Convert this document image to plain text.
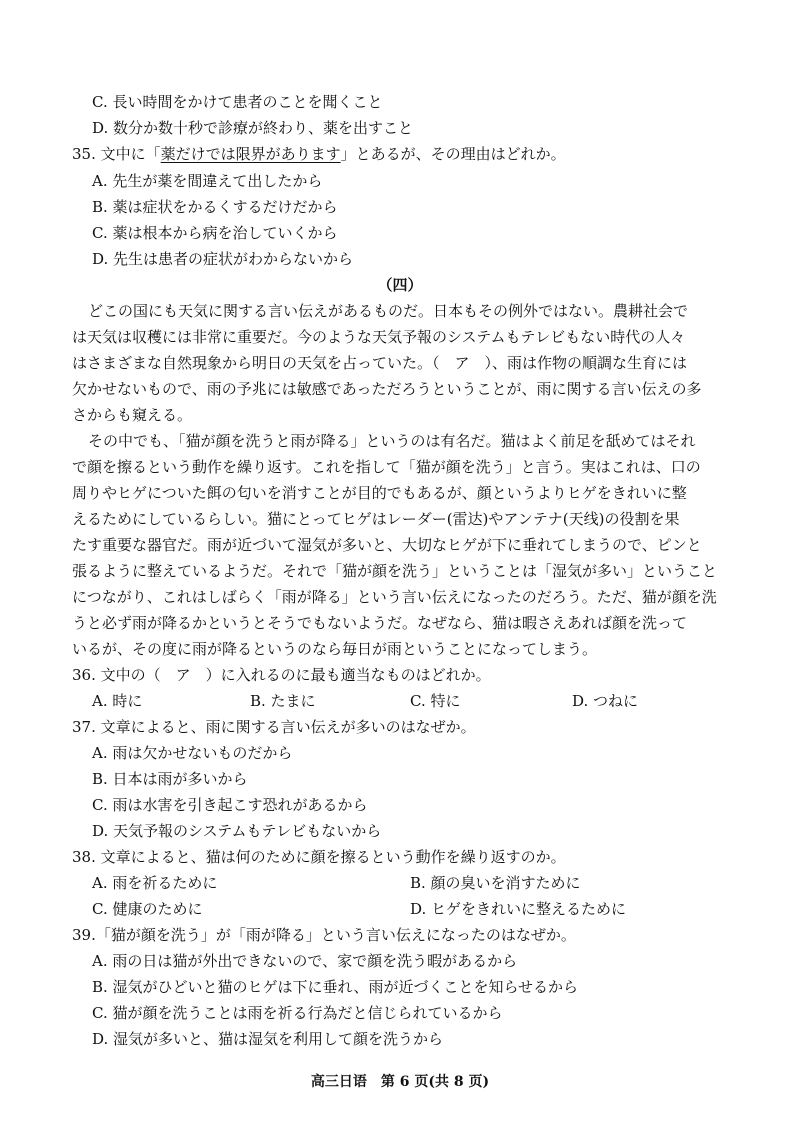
C. 長い時間をかけて患者のことを聞くこと
D. 数分か数十秒で診療が終わり、薬を出すこと
35. 文中に「薬だけでは限界があります」とあるが、その理由はどれか。
A. 先生が薬を間違えて出したから
B. 薬は症状をかるくするだけだから
C. 薬は根本から病を治していくから
D. 先生は患者の症状がわからないから
（四）
どこの国にも天気に関する言い伝えがあるものだ。日本もその例外ではない。農耕社会で
は天気は収穫には非常に重要だ。今のような天気予報のシステムもテレビもない時代の人々
はさまざまな自然現象から明日の天気を占っていた。（　ア　）、雨は作物の順調な生育には
欠かせないもので、雨の予兆には敏感であっただろうということが、雨に関する言い伝えの多
さからも窺える。
その中でも、「猫が顔を洗うと雨が降る」というのは有名だ。猫はよく前足を舐めてはそれ
で顔を擦るという動作を繰り返す。これを指して「猫が顔を洗う」と言う。実はこれは、口の
周りやヒゲについた餌の匂いを消すことが目的でもあるが、顔というよりヒゲをきれいに整
えるためにしているらしい。猫にとってヒゲはレーダー(雷达)やアンテナ(天线)の役割を果
たす重要な器官だ。雨が近づいて湿気が多いと、大切なヒゲが下に垂れてしまうので、ピンと
張るように整えているようだ。それで「猫が顔を洗う」ということは「湿気が多い」ということ
につながり、これはしばらく「雨が降る」という言い伝えになったのだろう。ただ、猫が顔を洗
うと必ず雨が降るかというとそうでもないようだ。なぜなら、猫は暇さえあれば顔を洗って
いるが、その度に雨が降るというのなら毎日が雨ということになってしまう。
36. 文中の（　ア　）に入れるのに最も適当なものはどれか。
A. 時に	B. たまに	C. 特に	D. つねに
37. 文章によると、雨に関する言い伝えが多いのはなぜか。
A. 雨は欠かせないものだから
B. 日本は雨が多いから
C. 雨は水害を引き起こす恐れがあるから
D. 天気予報のシステムもテレビもないから
38. 文章によると、猫は何のために顔を擦るという動作を繰り返すのか。
A. 雨を祈るために	B. 顔の臭いを消すために
C. 健康のために	D. ヒゲをきれいに整えるために
39.「猫が顔を洗う」が「雨が降る」という言い伝えになったのはなぜか。
A. 雨の日は猫が外出できないので、家で顔を洗う暇があるから
B. 湿気がひどいと猫のヒゲは下に垂れ、雨が近づくことを知らせるから
C. 猫が顔を洗うことは雨を祈る行為だと信じられているから
D. 湿気が多いと、猫は湿気を利用して顔を洗うから
高三日语　第 6 页(共 8 页)
